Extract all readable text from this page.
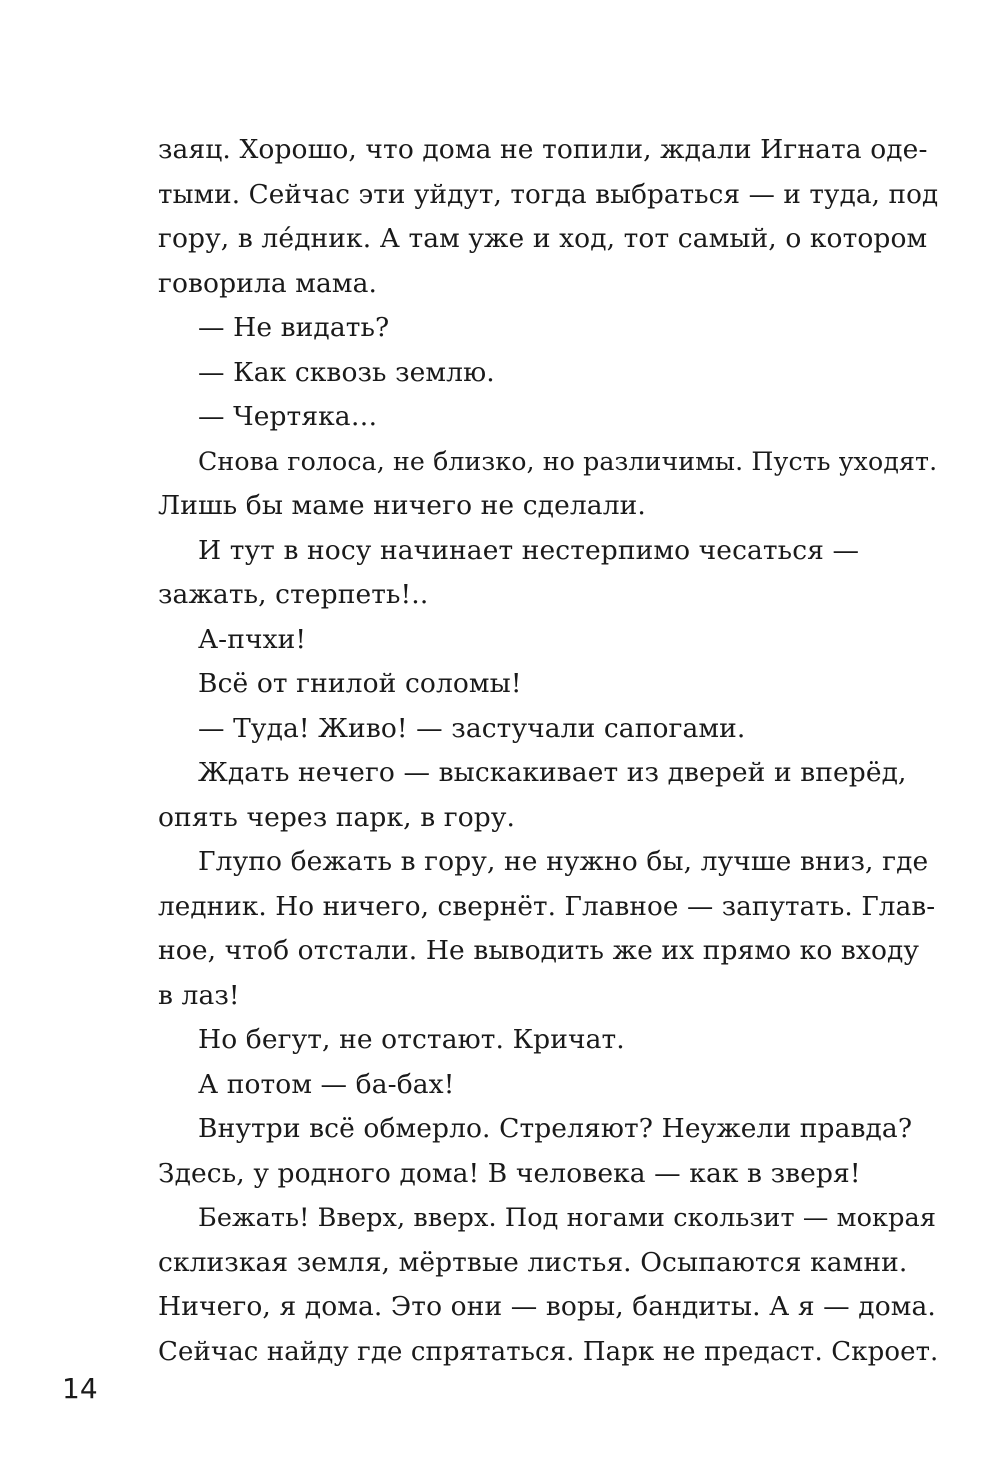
заяц. Хорошо, что дома не топили, ждали Игната оде-
тыми. Сейчас эти уйдут, тогда выбраться — и туда, под
гору, в ле́дник. А там уже и ход, тот самый, о котором
говорила мама.
— Не видать?
— Как сквозь землю.
— Чертяка…
Снова голоса, не близко, но различимы. Пусть уходят.
Лишь бы маме ничего не сделали.
И тут в носу начинает нестерпимо чесаться —
зажать, стерпеть!..
А-пчхи!
Всё от гнилой соломы!
— Туда! Живо! — застучали сапогами.
Ждать нечего — выскакивает из дверей и вперёд,
опять через парк, в гору.
Глупо бежать в гору, не нужно бы, лучше вниз, где
ледник. Но ничего, свернёт. Главное — запутать. Глав-
ное, чтоб отстали. Не выводить же их прямо ко входу
в лаз!
Но бегут, не отстают. Кричат.
А потом — ба-бах!
Внутри всё обмерло. Стреляют? Неужели правда?
Здесь, у родного дома! В человека — как в зверя!
Бежать! Вверх, вверх. Под ногами скользит — мокрая
склизкая земля, мёртвые листья. Осыпаются камни.
Ничего, я дома. Это они — воры, бандиты. А я — дома.
Сейчас найду где спрятаться. Парк не предаст. Скроет.
14
